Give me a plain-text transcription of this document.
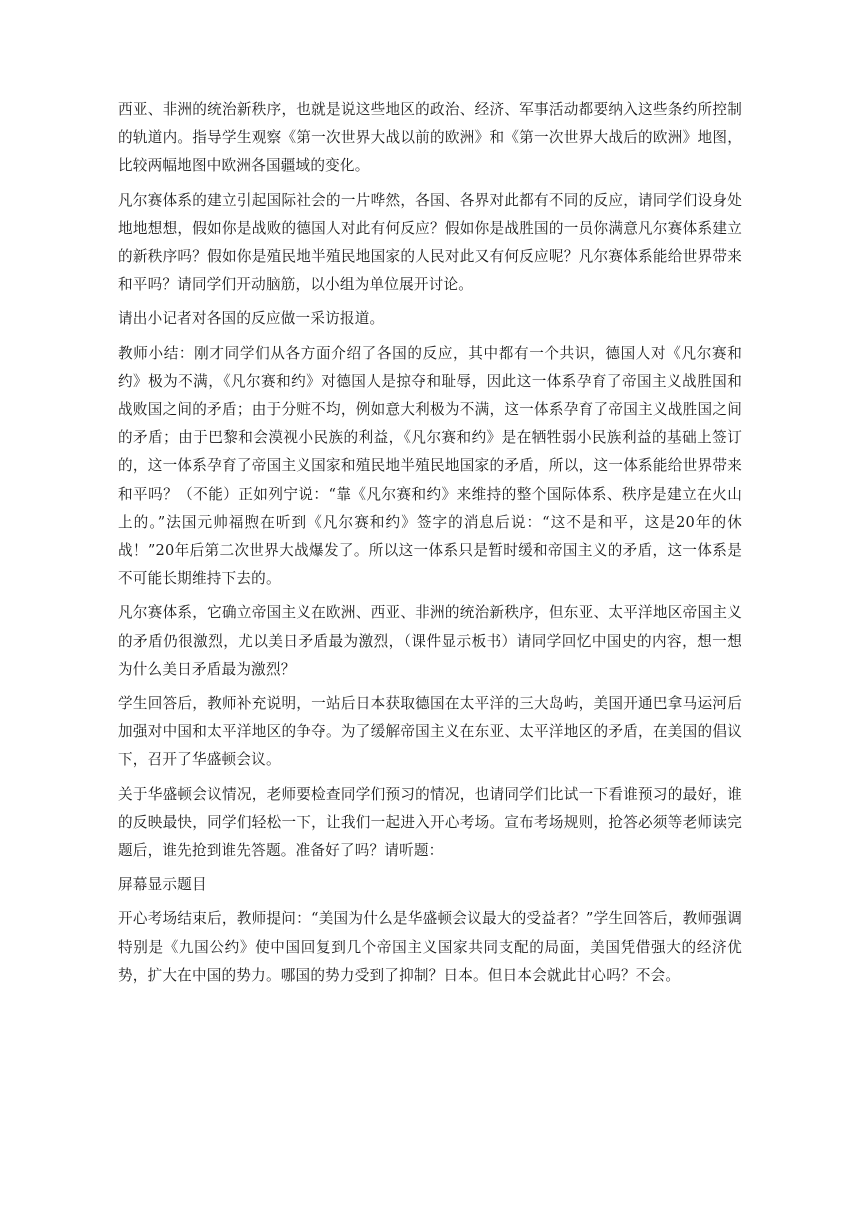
西亚、非洲的统治新秩序，也就是说这些地区的政治、经济、军事活动都要纳入这些条约所控制的轨道内。指导学生观察《第一次世界大战以前的欧洲》和《第一次世界大战后的欧洲》地图，比较两幅地图中欧洲各国疆域的变化。

凡尔赛体系的建立引起国际社会的一片哗然，各国、各界对此都有不同的反应，请同学们设身处地地想想，假如你是战败的德国人对此有何反应？假如你是战胜国的一员你满意凡尔赛体系建立的新秩序吗？假如你是殖民地半殖民地国家的人民对此又有何反应呢？凡尔赛体系能给世界带来和平吗？请同学们开动脑筋，以小组为单位展开讨论。

请出小记者对各国的反应做一采访报道。

教师小结：刚才同学们从各方面介绍了各国的反应，其中都有一个共识，德国人对《凡尔赛和约》极为不满，《凡尔赛和约》对德国人是掠夺和耻辱，因此这一体系孕育了帝国主义战胜国和战败国之间的矛盾；由于分赃不均，例如意大利极为不满，这一体系孕育了帝国主义战胜国之间的矛盾；由于巴黎和会漠视小民族的利益，《凡尔赛和约》是在牺牲弱小民族利益的基础上签订的，这一体系孕育了帝国主义国家和殖民地半殖民地国家的矛盾，所以，这一体系能给世界带来和平吗？（不能）正如列宁说：“靠《凡尔赛和约》来维持的整个国际体系、秩序是建立在火山上的。”法国元帅福煦在听到《凡尔赛和约》签字的消息后说：“这不是和平，这是20年的休战！”20年后第二次世界大战爆发了。所以这一体系只是暂时缓和帝国主义的矛盾，这一体系是不可能长期维持下去的。

凡尔赛体系，它确立帝国主义在欧洲、西亚、非洲的统治新秩序，但东亚、太平洋地区帝国主义的矛盾仍很激烈，尤以美日矛盾最为激烈，（课件显示板书）请同学回忆中国史的内容，想一想为什么美日矛盾最为激烈？

学生回答后，教师补充说明，一站后日本获取德国在太平洋的三大岛屿，美国开通巴拿马运河后加强对中国和太平洋地区的争夺。为了缓解帝国主义在东亚、太平洋地区的矛盾，在美国的倡议下，召开了华盛顿会议。

关于华盛顿会议情况，老师要检查同学们预习的情况，也请同学们比试一下看谁预习的最好，谁的反映最快，同学们轻松一下，让我们一起进入开心考场。宣布考场规则，抢答必须等老师读完题后，谁先抢到谁先答题。准备好了吗？请听题：

屏幕显示题目

开心考场结束后，教师提问：“美国为什么是华盛顿会议最大的受益者？”学生回答后，教师强调特别是《九国公约》使中国回复到几个帝国主义国家共同支配的局面，美国凭借强大的经济优势，扩大在中国的势力。哪国的势力受到了抑制？日本。但日本会就此甘心吗？不会。
